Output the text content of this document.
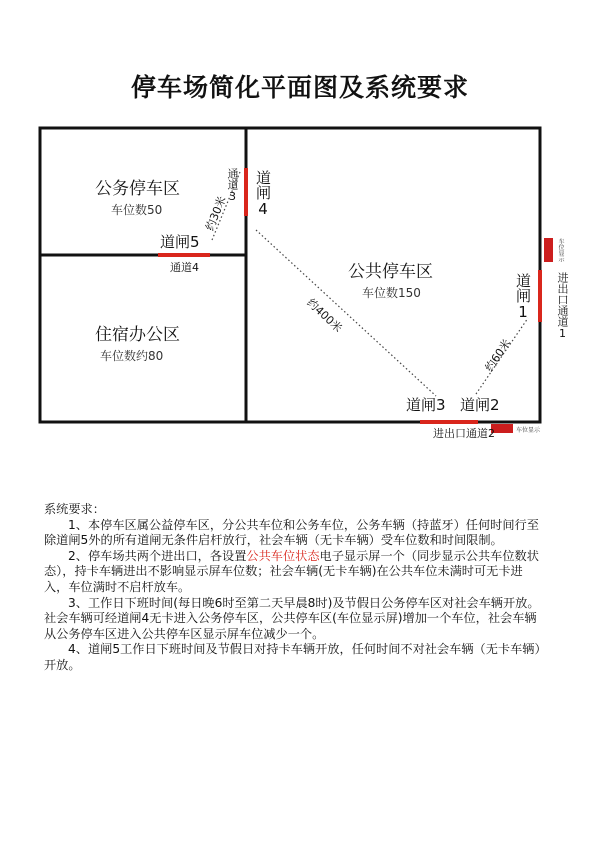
停车场简化平面图及系统要求
公务停车区
车位数50
住宿办公区
车位数约80
公共停车区
车位数150
道闸5
道闸4
道闸1
道闸3 道闸2
通道3
通道4
进出口通道1
进出口通道2
车位显示
车位显示
约30米
约400米
约60米

系统要求：

1、本停车区属公益停车区，分公共车位和公务车位，公务车辆（持蓝牙）任何时间行至除道闸5外的所有道闸无条件启杆放行，社会车辆（无卡车辆）受车位数和时间限制。

2、停车场共两个进出口，各设置公共车位状态电子显示屏一个（同步显示公共车位数状态），持卡车辆进出不影响显示屏车位数；社会车辆(无卡车辆)在公共车位未满时可无卡进入，车位满时不启杆放车。

3、工作日下班时间(每日晚6时至第二天早晨8时)及节假日公务停车区对社会车辆开放。社会车辆可经道闸4无卡进入公务停车区，公共停车区(车位显示屏)增加一个车位，社会车辆从公务停车区进入公共停车区显示屏车位减少一个。

4、道闸5工作日下班时间及节假日对持卡车辆开放，任何时间不对社会车辆（无卡车辆）开放。
